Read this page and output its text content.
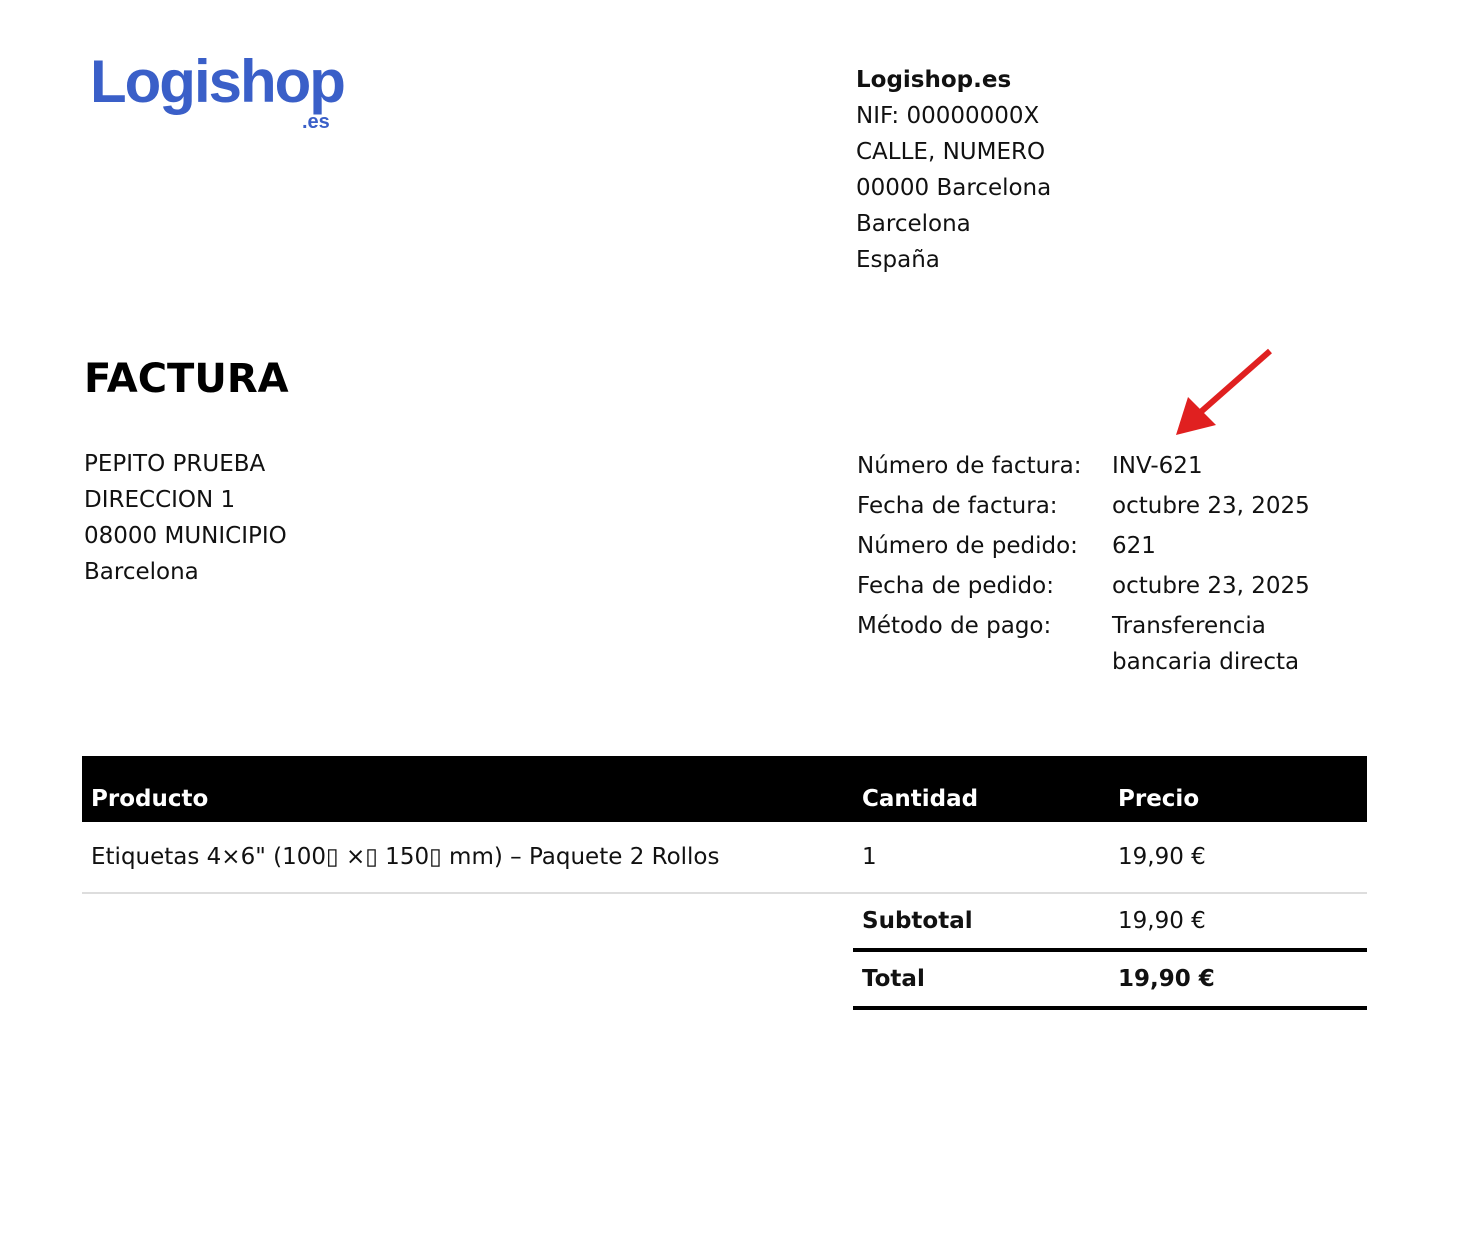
Logishop
.es
Logishop.es
NIF: 00000000X
CALLE, NUMERO
00000 Barcelona
Barcelona
España
FACTURA
PEPITO PRUEBA
DIRECCION 1
08000 MUNICIPIO
Barcelona
Número de factura:	INV-621
Fecha de factura:	octubre 23, 2025
Número de pedido:	621
Fecha de pedido:	octubre 23, 2025
Método de pago:	Transferencia bancaria directa
Producto	Cantidad	Precio
Etiquetas 4×6" (100▯ ×▯ 150▯ mm) – Paquete 2 Rollos	1	19,90 €
	Subtotal	19,90 €
	Total	19,90 €
